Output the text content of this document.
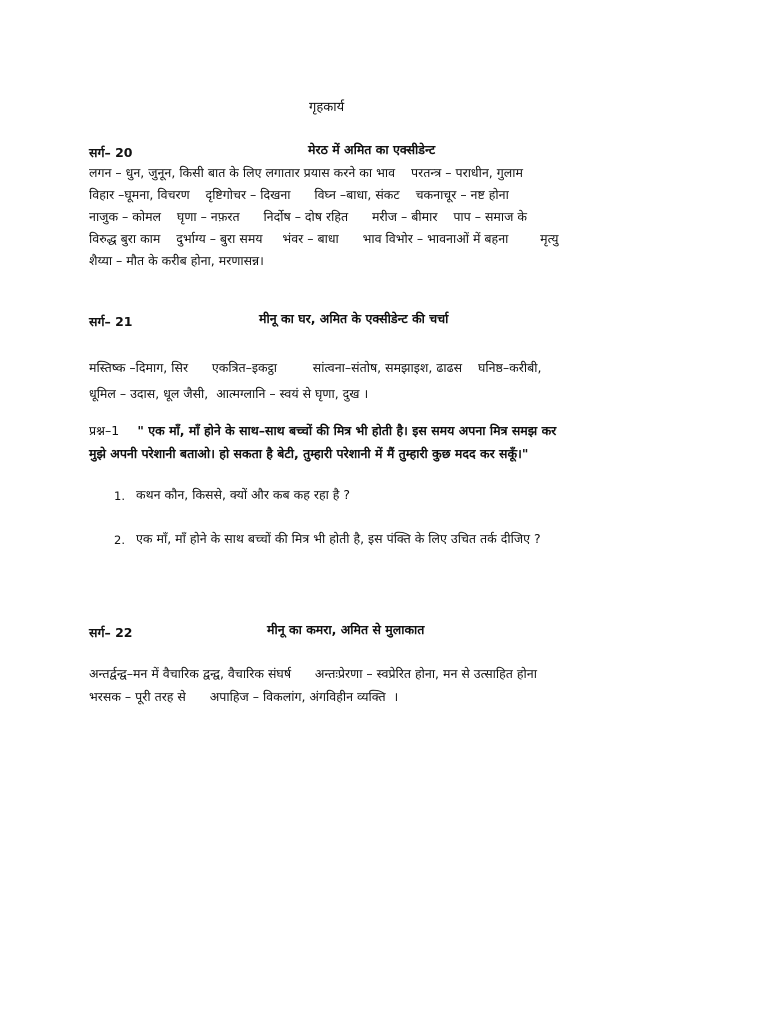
गृहकार्य
सर्ग– 20	मेरठ में अमित का एक्सीडेन्ट
लगन – धुन, जुनून, किसी बात के लिए लगातार प्रयास करने का भाव    परतन्त्र – पराधीन, गुलाम
विहार –घूमना, विचरण    दृष्टिगोचर – दिखना      विघ्न –बाधा, संकट    चकनाचूर – नष्ट होना
नाजुक – कोमल    घृणा – नफ़रत      निर्दोष – दोष रहित      मरीज – बीमार    पाप – समाज के
विरुद्ध बुरा काम    दुर्भाग्य – बुरा समय     भंवर – बाधा      भाव विभोर – भावनाओं में बहना        मृत्यु
शैय्या – मौत के करीब होना, मरणासन्न।
सर्ग– 21	मीनू का घर, अमित के एक्सीडेन्ट की चर्चा
मस्तिष्क –दिमाग, सिर      एकत्रित–इकट्ठा         सांत्वना–संतोष, समझाइश, ढाढस    घनिष्ठ–करीबी,
धूमिल – उदास, धूल जैसी,  आत्मग्लानि – स्वयं से घृणा, दुख ।
प्रश्न–1 " एक माँ, माँ होने के साथ–साथ बच्चों की मित्र भी होती है। इस समय अपना मित्र समझ कर
मुझे अपनी परेशानी बताओ। हो सकता है बेटी, तुम्हारी परेशानी में मैं तुम्हारी कुछ मदद कर सकूँ।"
1. कथन कौन, किससे, क्यों और कब कह रहा है ?
2. एक माँ, माँ होने के साथ बच्चों की मित्र भी होती है, इस पंक्ति के लिए उचित तर्क दीजिए ?
सर्ग– 22	मीनू का कमरा, अमित से मुलाकात
अन्तर्द्वन्द्व–मन में वैचारिक द्वन्द्व, वैचारिक संघर्ष      अन्तःप्रेरणा – स्वप्रेरित होना, मन से उत्साहित होना
भरसक – पूरी तरह से      अपाहिज – विकलांग, अंगविहीन व्यक्ति  ।
